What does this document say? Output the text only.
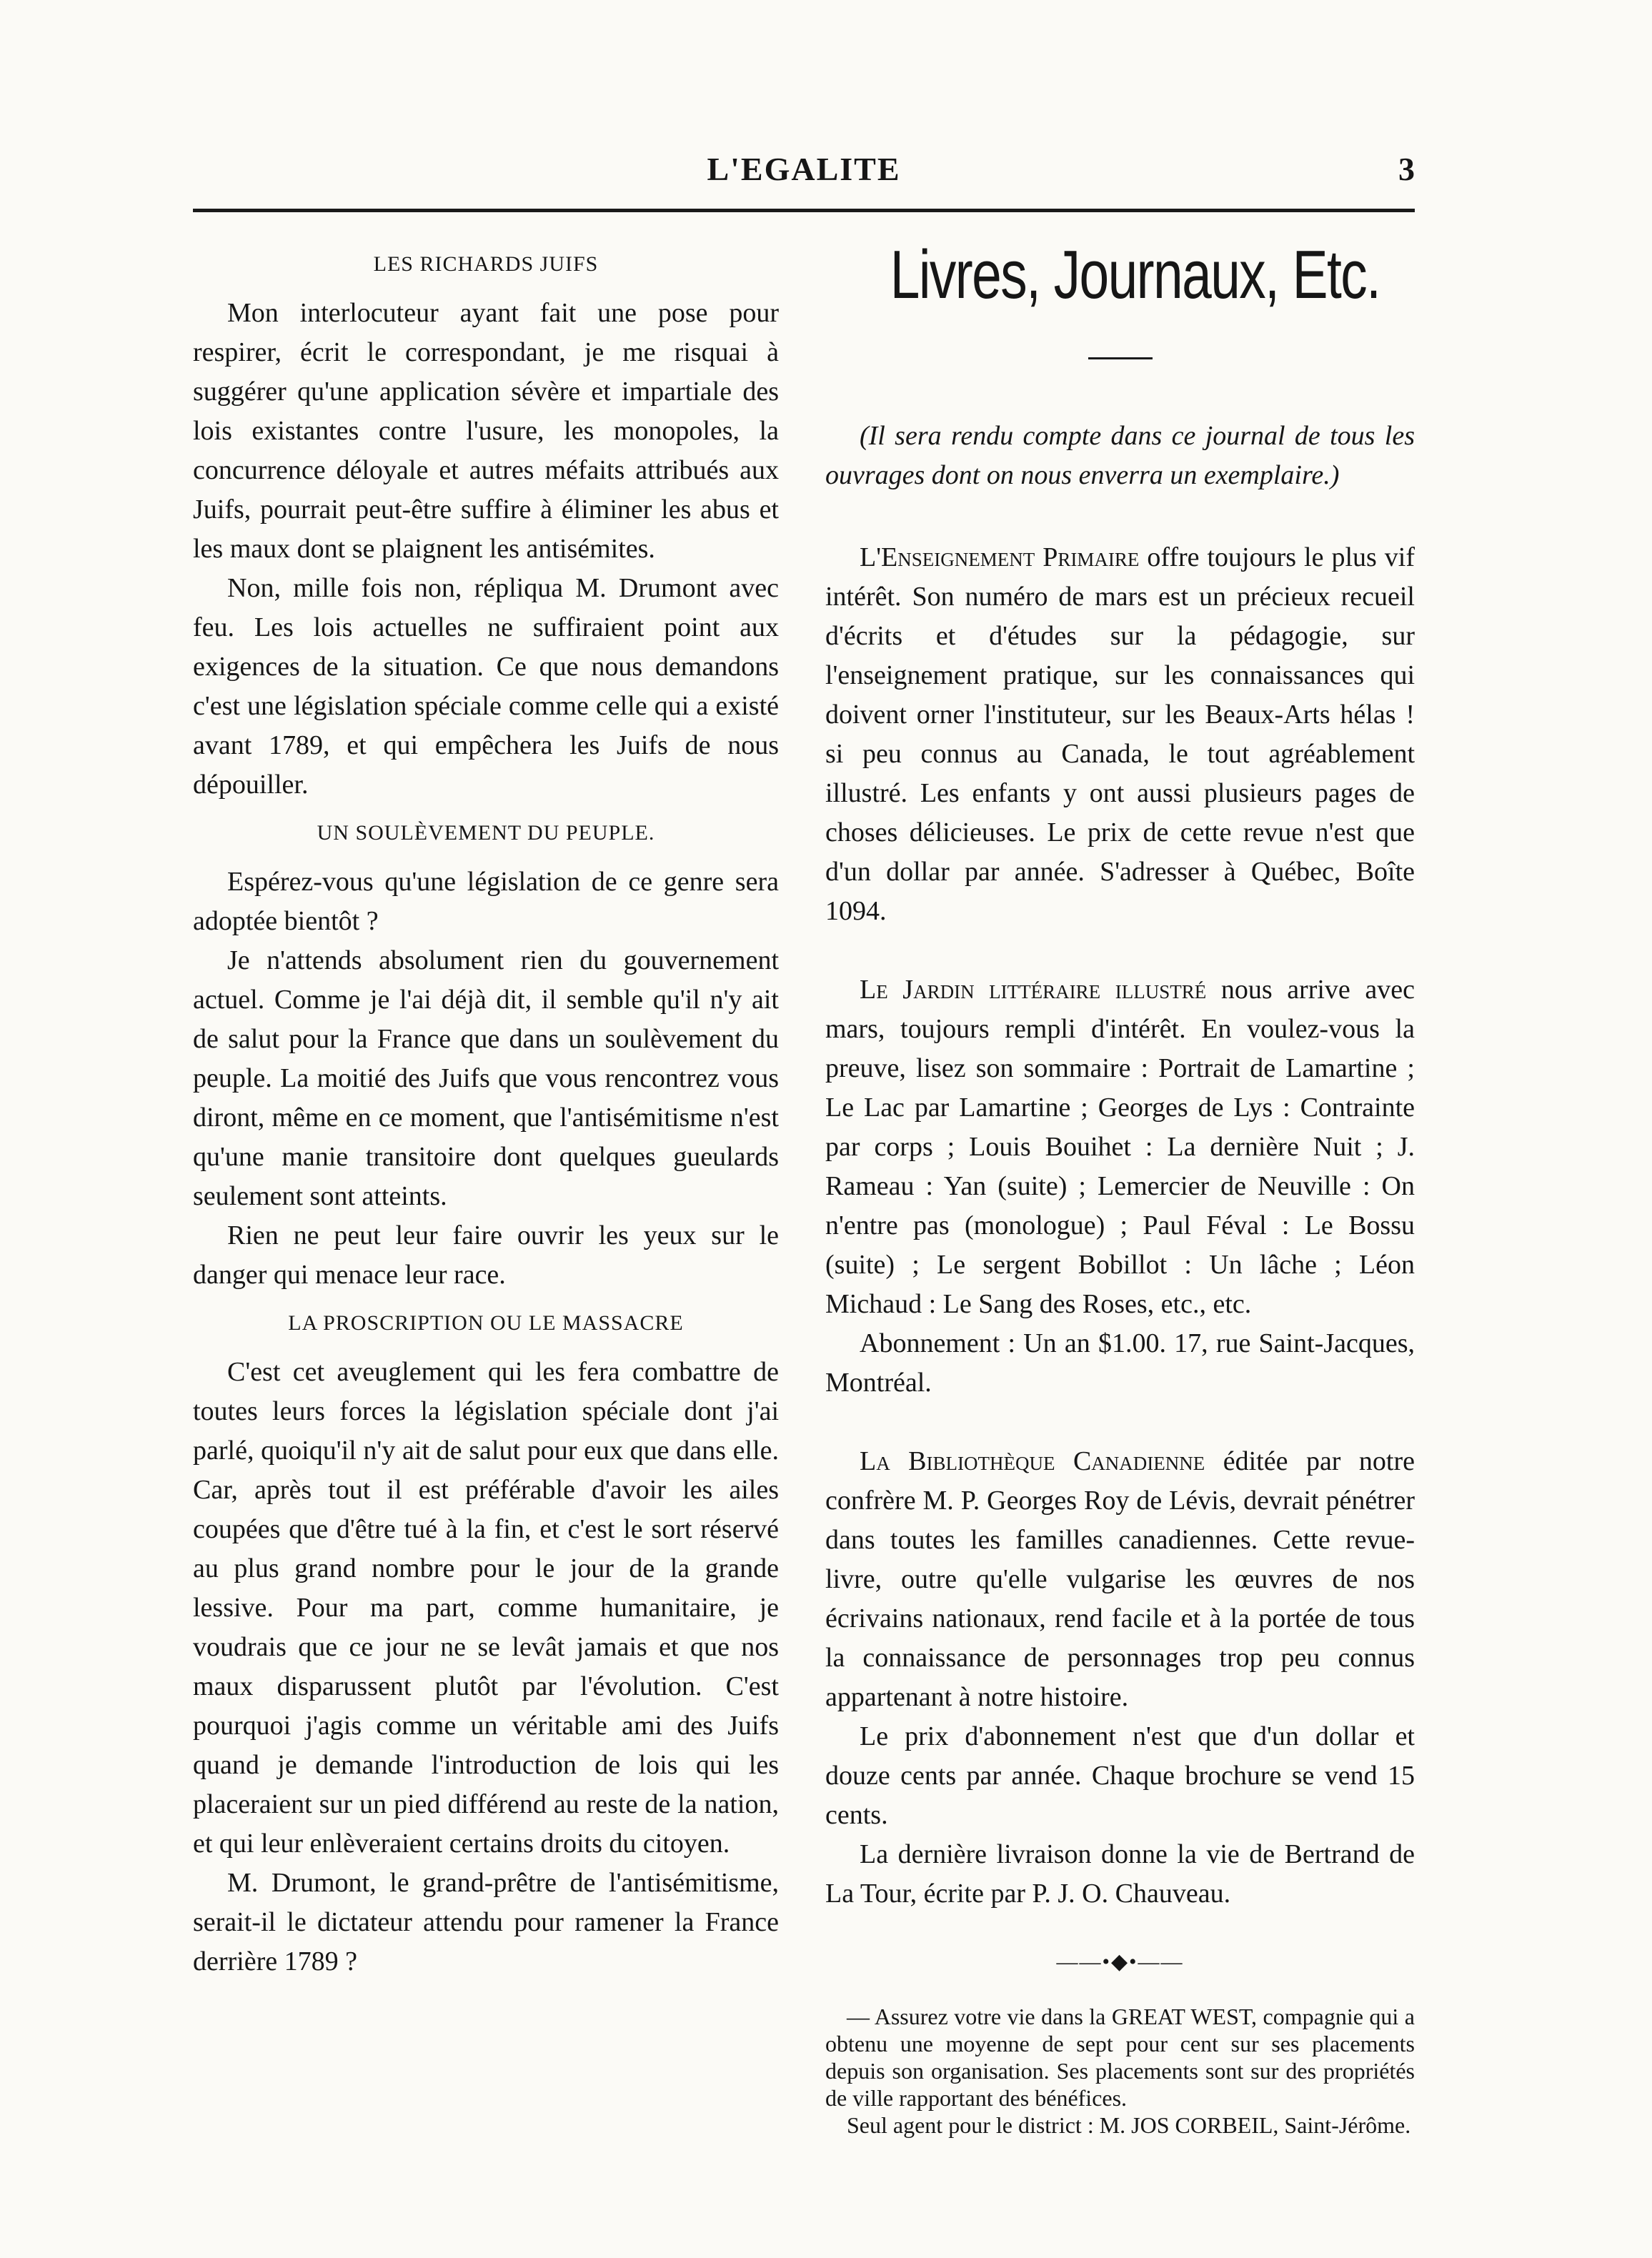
L'EGALITE	3
LES RICHARDS JUIFS

Mon interlocuteur ayant fait une pose pour respirer, écrit le correspondant, je me risquai à suggérer qu'une application sévère et impartiale des lois existantes contre l'usure, les monopoles, la concurrence déloyale et autres méfaits attribués aux Juifs, pourrait peut-être suffire à éliminer les abus et les maux dont se plaignent les antisémites.

Non, mille fois non, répliqua M. Drumont avec feu. Les lois actuelles ne suffiraient point aux exigences de la situation. Ce que nous demandons c'est une législation spéciale comme celle qui a existé avant 1789, et qui empêchera les Juifs de nous dépouiller.

UN SOULÈVEMENT DU PEUPLE.

Espérez-vous qu'une législation de ce genre sera adoptée bientôt ?

Je n'attends absolument rien du gouvernement actuel. Comme je l'ai déjà dit, il semble qu'il n'y ait de salut pour la France que dans un soulèvement du peuple. La moitié des Juifs que vous rencontrez vous diront, même en ce moment, que l'antisémitisme n'est qu'une manie transitoire dont quelques gueulards seulement sont atteints.

Rien ne peut leur faire ouvrir les yeux sur le danger qui menace leur race.

LA PROSCRIPTION OU LE MASSACRE

C'est cet aveuglement qui les fera combattre de toutes leurs forces la législation spéciale dont j'ai parlé, quoiqu'il n'y ait de salut pour eux que dans elle. Car, après tout il est préférable d'avoir les ailes coupées que d'être tué à la fin, et c'est le sort réservé au plus grand nombre pour le jour de la grande lessive. Pour ma part, comme humanitaire, je voudrais que ce jour ne se levât jamais et que nos maux disparussent plutôt par l'évolution. C'est pourquoi j'agis comme un véritable ami des Juifs quand je demande l'introduction de lois qui les placeraient sur un pied différend au reste de la nation, et qui leur enlèveraient certains droits du citoyen.

M. Drumont, le grand-prêtre de l'antisémitisme, serait-il le dictateur attendu pour ramener la France derrière 1789 ?

Livres, Journaux, Etc.

(Il sera rendu compte dans ce journal de tous les ouvrages dont on nous enverra un exemplaire.)

L'Enseignement Primaire offre toujours le plus vif intérêt. Son numéro de mars est un précieux recueil d'écrits et d'études sur la pédagogie, sur l'enseignement pratique, sur les connaissances qui doivent orner l'instituteur, sur les Beaux-Arts hélas ! si peu connus au Canada, le tout agréablement illustré. Les enfants y ont aussi plusieurs pages de choses délicieuses. Le prix de cette revue n'est que d'un dollar par année. S'adresser à Québec, Boîte 1094.

Le Jardin littéraire illustré nous arrive avec mars, toujours rempli d'intérêt. En voulez-vous la preuve, lisez son sommaire : Portrait de Lamartine ; Le Lac par Lamartine ; Georges de Lys : Contrainte par corps ; Louis Bouihet : La dernière Nuit ; J. Rameau : Yan (suite) ; Lemercier de Neuville : On n'entre pas (monologue) ; Paul Féval : Le Bossu (suite) ; Le sergent Bobillot : Un lâche ; Léon Michaud : Le Sang des Roses, etc., etc.

Abonnement : Un an $1.00. 17, rue Saint-Jacques, Montréal.

La Bibliothèque Canadienne éditée par notre confrère M. P. Georges Roy de Lévis, devrait pénétrer dans toutes les familles canadiennes. Cette revue-livre, outre qu'elle vulgarise les œuvres de nos écrivains nationaux, rend facile et à la portée de tous la connaissance de personnages trop peu connus appartenant à notre histoire.

Le prix d'abonnement n'est que d'un dollar et douze cents par année. Chaque brochure se vend 15 cents.

La dernière livraison donne la vie de Bertrand de La Tour, écrite par P. J. O. Chauveau.

——•◆•——

— Assurez votre vie dans la GREAT WEST, compagnie qui a obtenu une moyenne de sept pour cent sur ses placements depuis son organisation. Ses placements sont sur des propriétés de ville rapportant des bénéfices.

Seul agent pour le district : M. JOS CORBEIL, Saint-Jérôme.
